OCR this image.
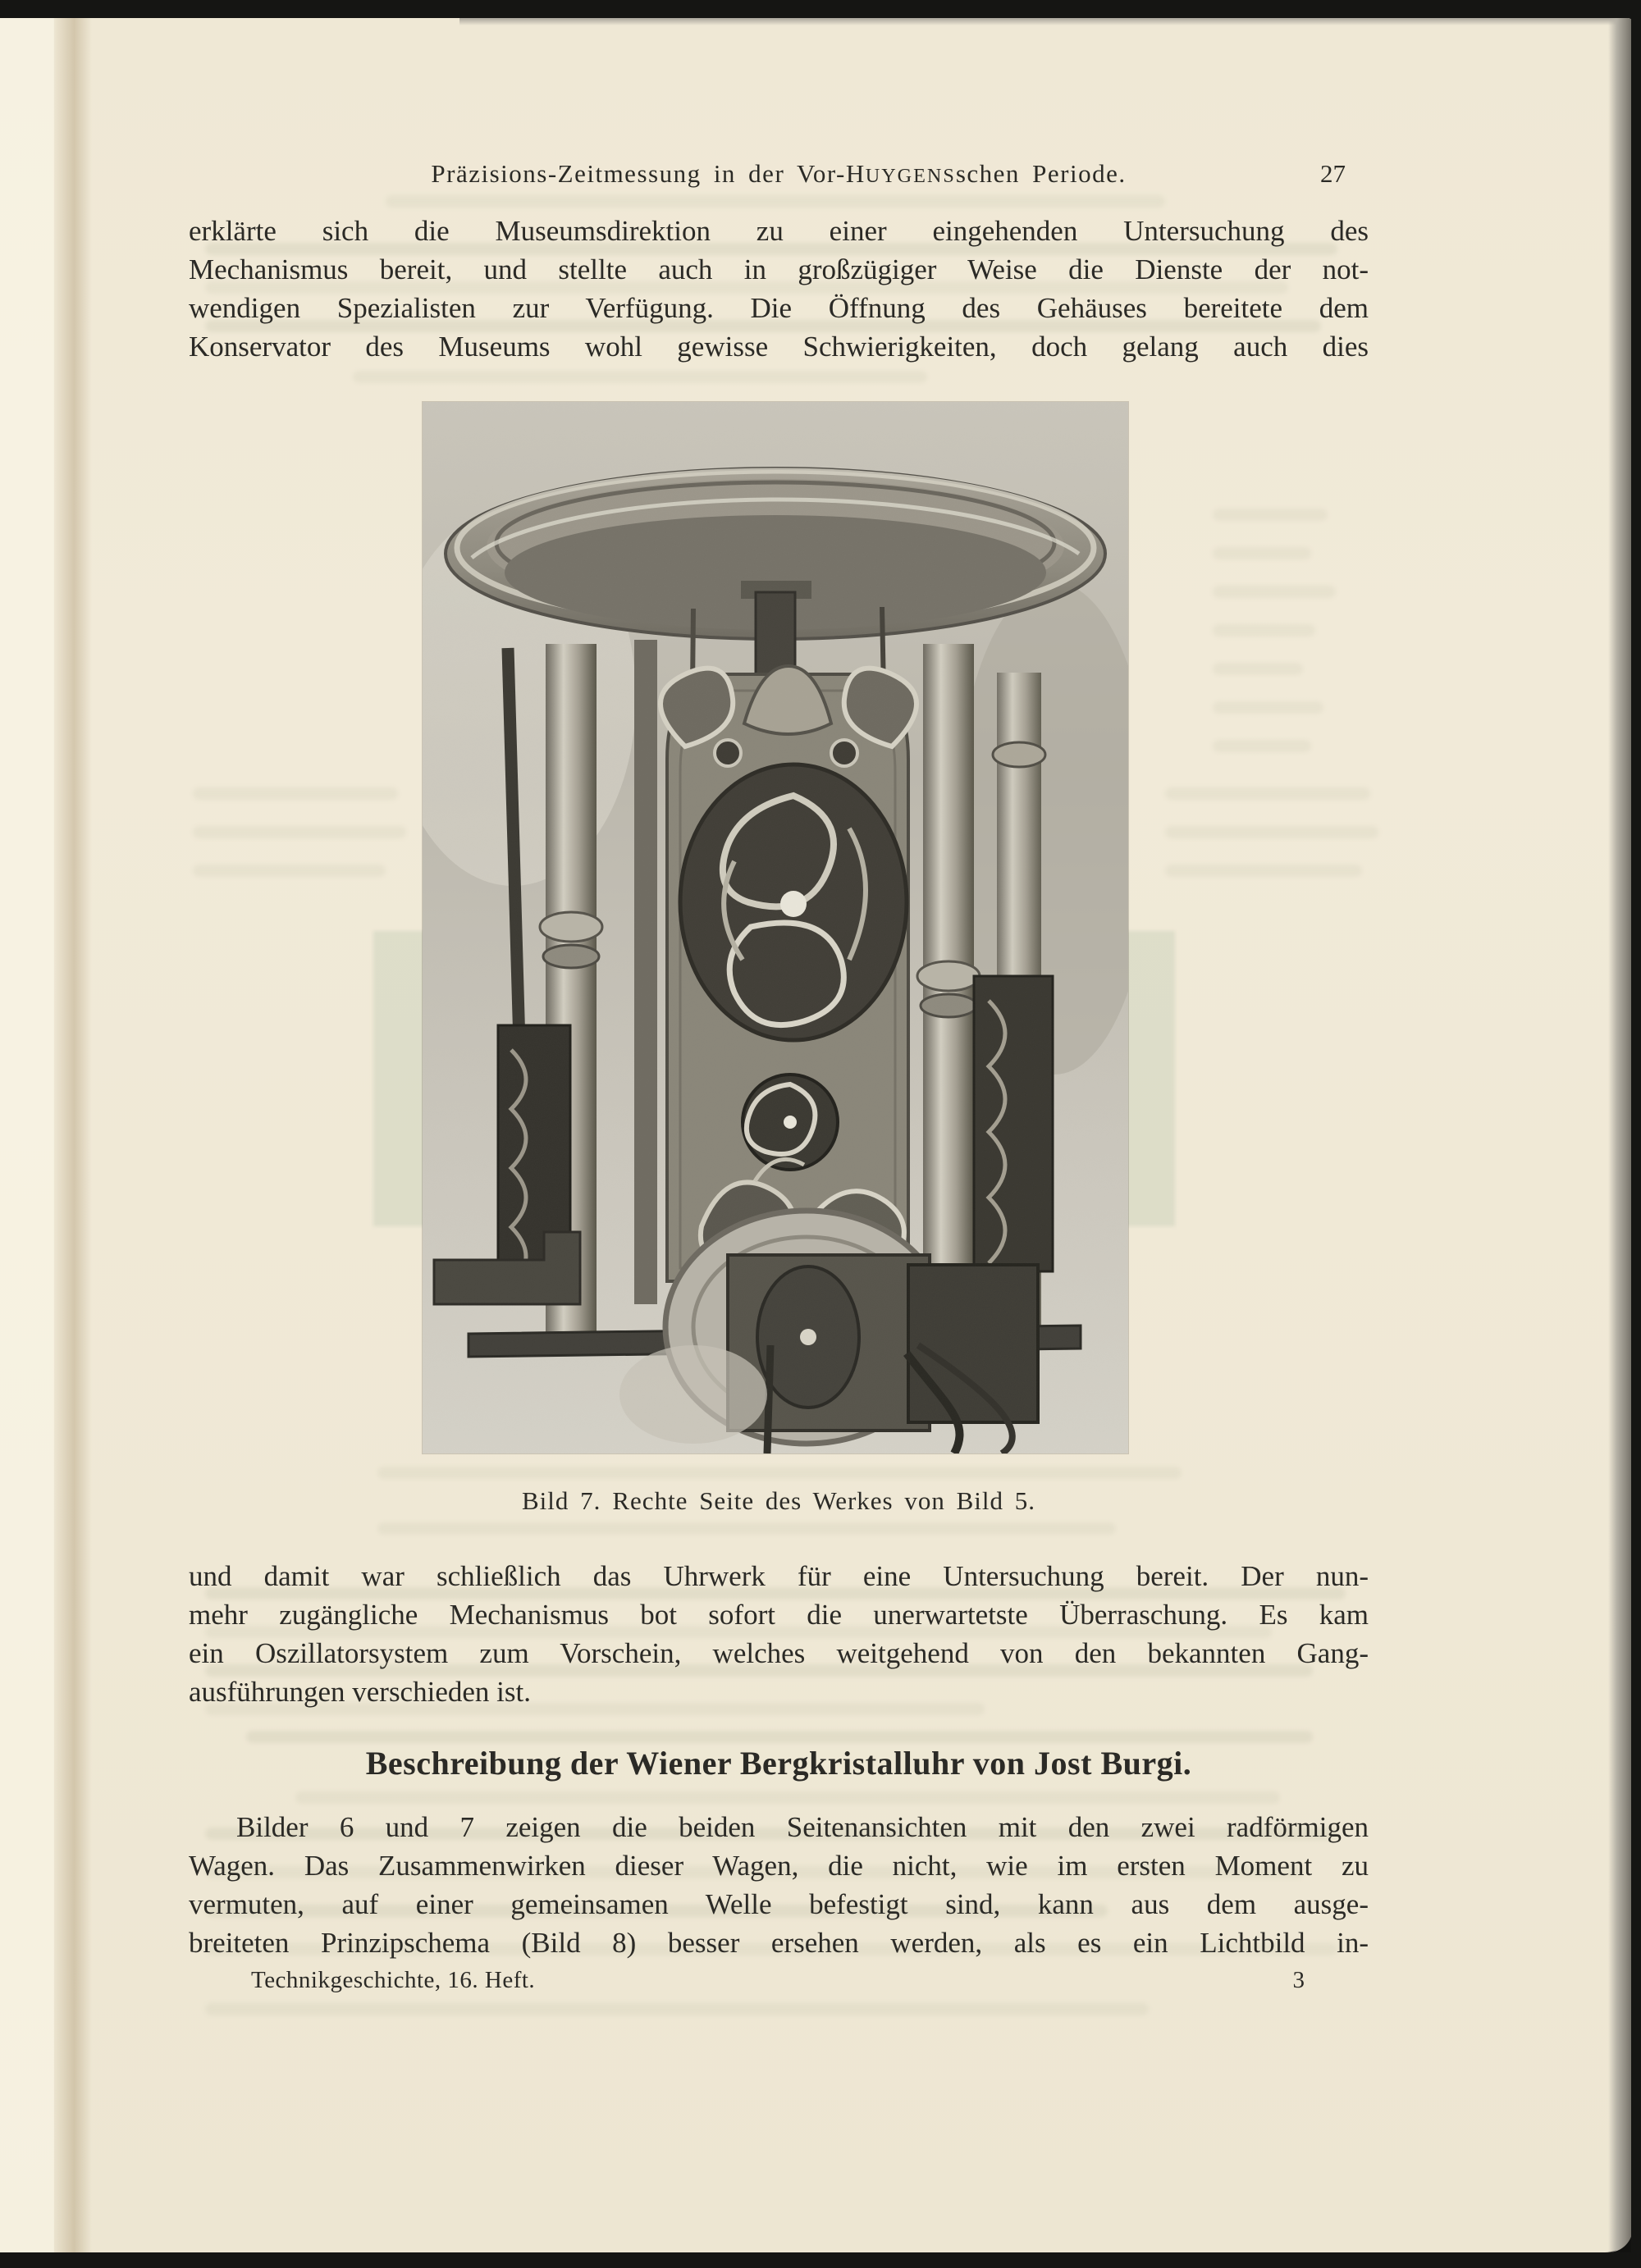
Präzisions-Zeitmessung in der Vor-HUYGENSschen Periode.	27
erklärte sich die Museumsdirektion zu einer eingehenden Untersuchung des
Mechanismus bereit, und stellte auch in großzügiger Weise die Dienste der not-
wendigen Spezialisten zur Verfügung. Die Öffnung des Gehäuses bereitete dem
Konservator des Museums wohl gewisse Schwierigkeiten, doch gelang auch dies
Bild 7. Rechte Seite des Werkes von Bild 5.
und damit war schließlich das Uhrwerk für eine Untersuchung bereit. Der nun-
mehr zugängliche Mechanismus bot sofort die unerwartetste Überraschung. Es kam
ein Oszillatorsystem zum Vorschein, welches weitgehend von den bekannten Gang-
ausführungen verschieden ist.
Beschreibung der Wiener Bergkristalluhr von Jost Burgi.
Bilder 6 und 7 zeigen die beiden Seitenansichten mit den zwei radförmigen
Wagen. Das Zusammenwirken dieser Wagen, die nicht, wie im ersten Moment zu
vermuten, auf einer gemeinsamen Welle befestigt sind, kann aus dem ausge-
breiteten Prinzipschema (Bild 8) besser ersehen werden, als es ein Lichtbild in-
Technikgeschichte, 16. Heft.	3
